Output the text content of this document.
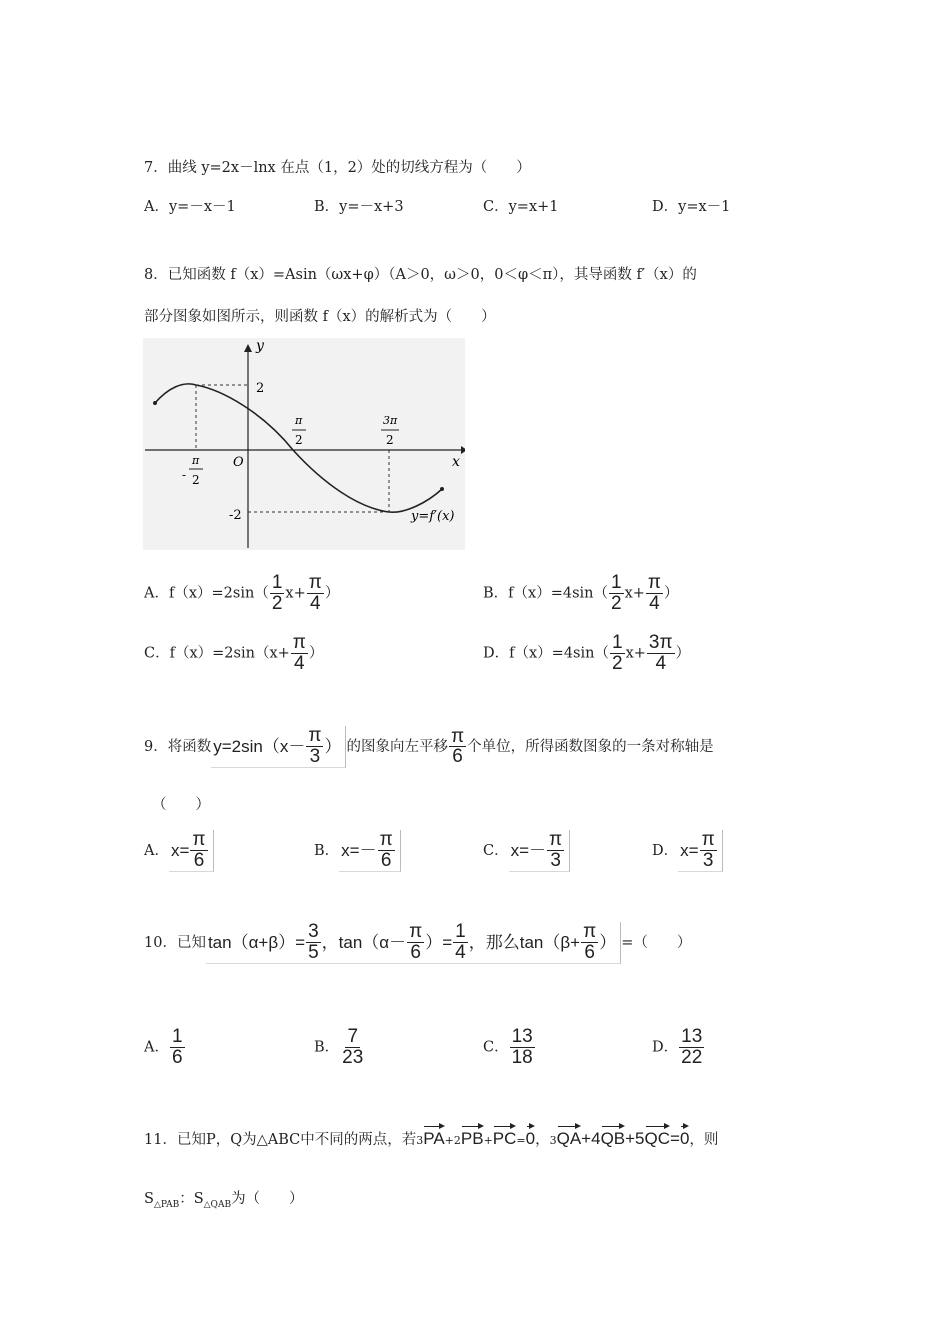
7．曲线 y=2x－lnx 在点（1，2）处的切线方程为（　　）
A．y=－x－1	B．y=－x+3	C．y=x+1	D．y=x－1
8．已知函数 f（x）=Asin（ωx+φ）（A＞0，ω＞0，0＜φ＜π），其导函数 f′（x）的
部分图象如图所示，则函数 f（x）的解析式为（　　）
y
x
O
2
-2
-
π
2
π
2
3π
2
y=f′(x)
A．$f(x)=2\sin( \frac{1}{2} x+ \frac{\pi}{4}$ ）	B．$f(x)=4\sin( \frac{1}{2} x+ \frac{\pi}{4}$ ）
C．$f(x)=2\sin(x+ \frac{\pi}{4}$ ）	D．$f(x)=4\sin( \frac{1}{2} x+ \frac{3\pi}{4}$ ）
9．将函数 $y=2\sin(x- \frac{\pi}{3}$ ） 的图象向左平移 $\frac{\pi}{6}$ 个单位，所得函数图象的一条对称轴是
（　　）
A． $x= \frac{\pi}{6}$	B． $x=- \frac{\pi}{6}$	C． $x=- \frac{\pi}{3}$	D． $x= \frac{\pi}{3}$
10．已知 $\tan(\alpha+\beta)= \frac{3}{5}$ ，$\tan(\alpha- \frac{\pi}{6}$ ）= $\frac{1}{4}$ ，那么$\tan(\beta+ \frac{\pi}{6}$ ） =（　　）
A． $\frac{1}{6}$	B． $\frac{7}{23}$	C． $\frac{13}{18}$	D． $\frac{13}{22}$
11．已知P，Q为△ABC中不同的两点，若3PA+2PB+PC=0，3QA+4QB+5QC=0，则
$S_{\triangle PAB}$：$S_{\triangle QAB}$为（　　）
